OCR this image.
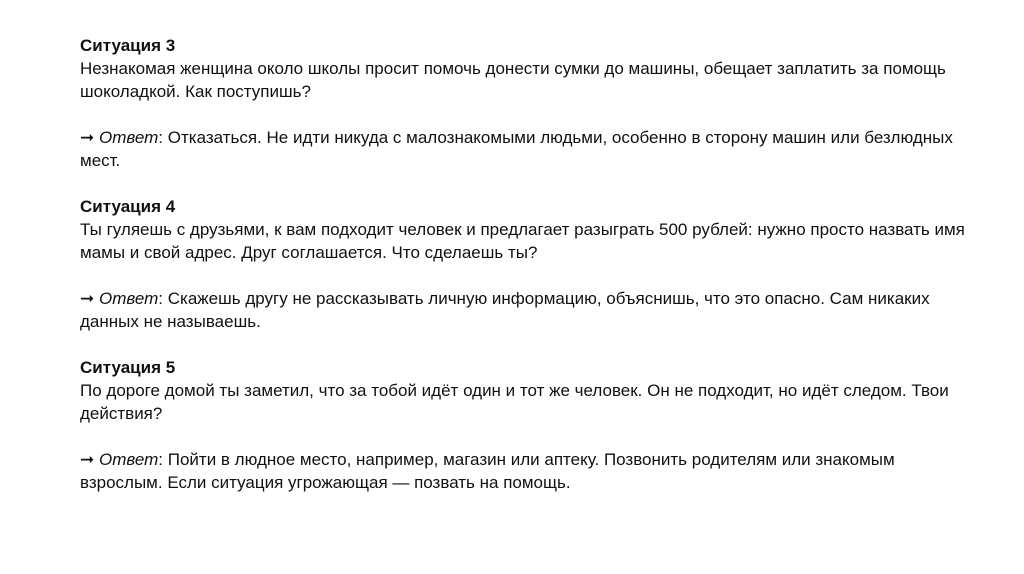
Ситуация 3
Незнакомая женщина около школы просит помочь донести сумки до машины, обещает заплатить за помощь шоколадкой. Как поступишь?
➞ Ответ: Отказаться. Не идти никуда с малознакомыми людьми, особенно в сторону машин или безлюдных мест.
Ситуация 4
Ты гуляешь с друзьями, к вам подходит человек и предлагает разыграть 500 рублей: нужно просто назвать имя мамы и свой адрес. Друг соглашается. Что сделаешь ты?
➞ Ответ: Скажешь другу не рассказывать личную информацию, объяснишь, что это опасно. Сам никаких данных не называешь.
Ситуация 5
По дороге домой ты заметил, что за тобой идёт один и тот же человек. Он не подходит, но идёт следом. Твои действия?
➞ Ответ: Пойти в людное место, например, магазин или аптеку. Позвонить родителям или знакомым взрослым. Если ситуация угрожающая — позвать на помощь.
